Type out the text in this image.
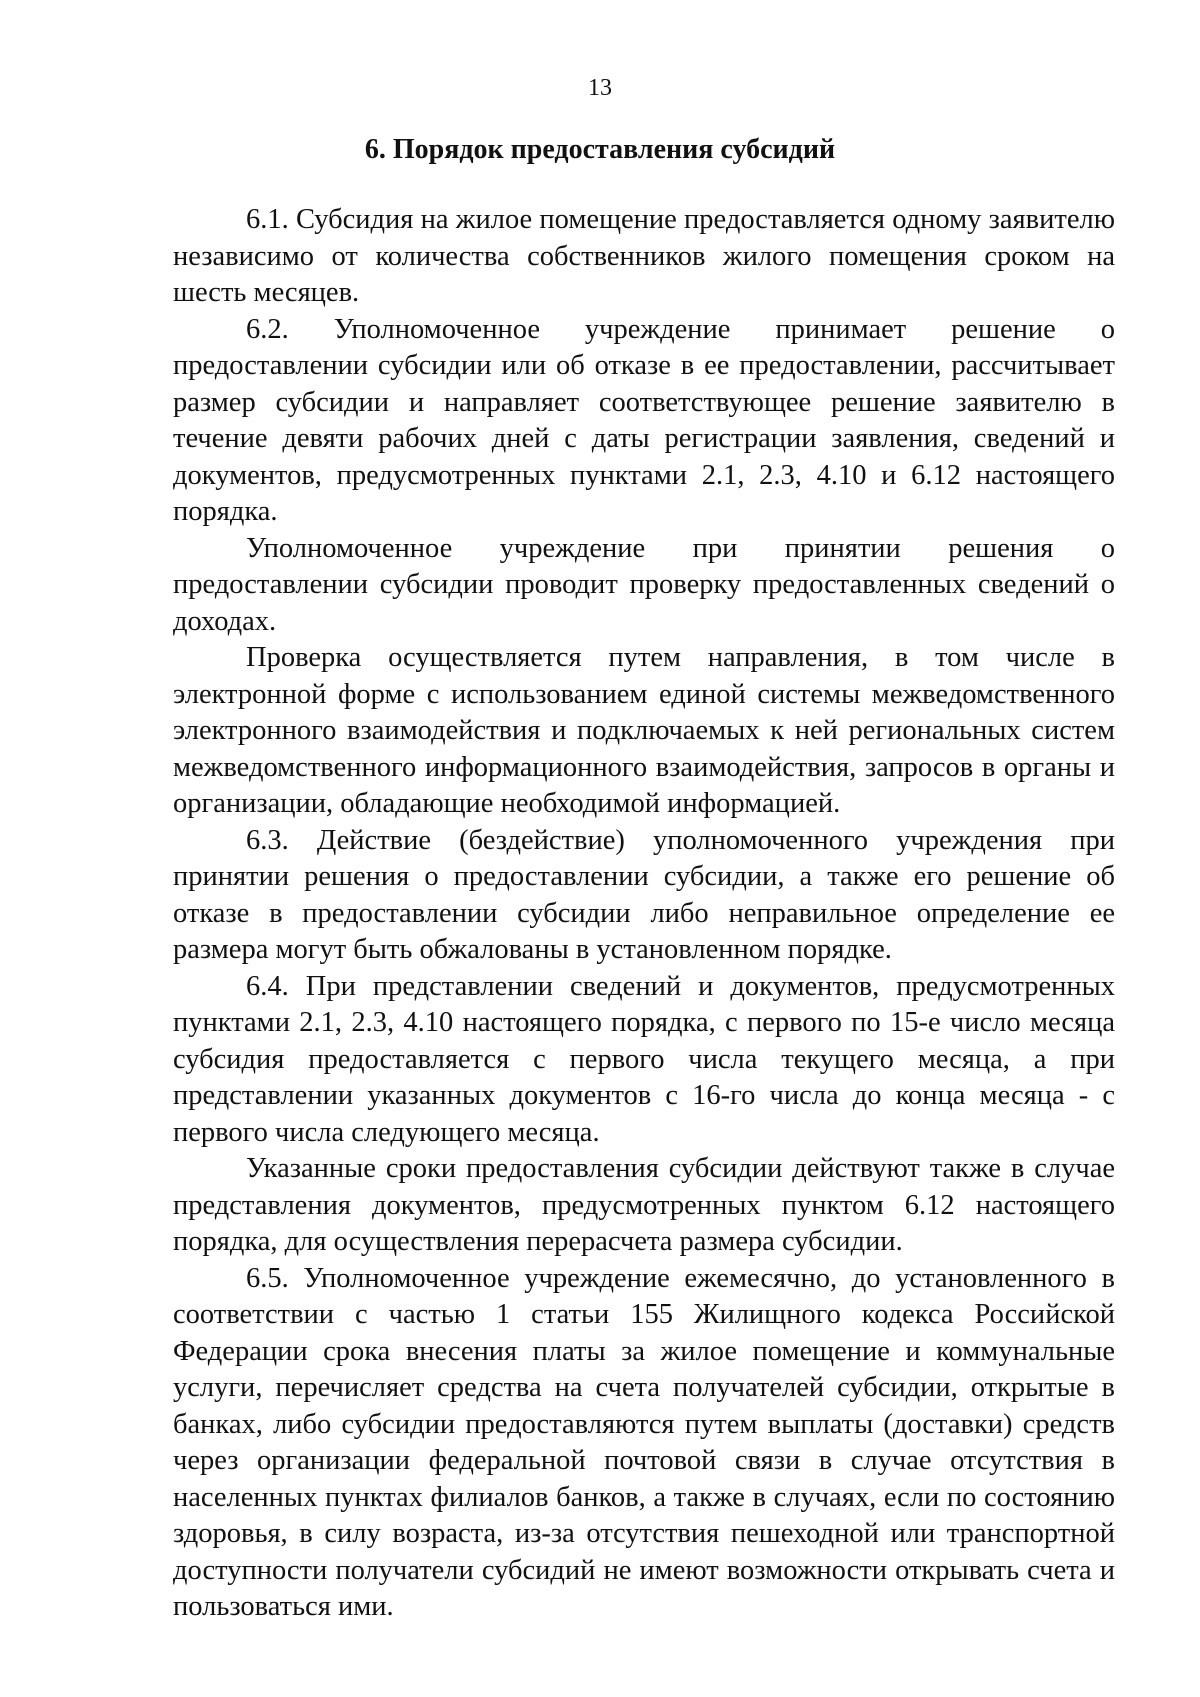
13
6. Порядок предоставления субсидий

6.1. Субсидия на жилое помещение предоставляется одному заявителю независимо от количества собственников жилого помещения сроком на шесть месяцев.

6.2. Уполномоченное учреждение принимает решение о предоставлении субсидии или об отказе в ее предоставлении, рассчитывает размер субсидии и направляет соответствующее решение заявителю в течение девяти рабочих дней с даты регистрации заявления, сведений и документов, предусмотренных пунктами 2.1, 2.3, 4.10 и 6.12 настоящего порядка.

Уполномоченное учреждение при принятии решения о предоставлении субсидии проводит проверку предоставленных сведений о доходах.

Проверка осуществляется путем направления, в том числе в электронной форме с использованием единой системы межведомственного электронного взаимодействия и подключаемых к ней региональных систем межведомственного информационного взаимодействия, запросов в органы и организации, обладающие необходимой информацией.

6.3. Действие (бездействие) уполномоченного учреждения при принятии решения о предоставлении субсидии, а также его решение об отказе в предоставлении субсидии либо неправильное определение ее размера могут быть обжалованы в установленном порядке.

6.4. При представлении сведений и документов, предусмотренных пунктами 2.1, 2.3, 4.10 настоящего порядка, с первого по 15-е число месяца субсидия предоставляется с первого числа текущего месяца, а при представлении указанных документов с 16-го числа до конца месяца - с первого числа следующего месяца.

Указанные сроки предоставления субсидии действуют также в случае представления документов, предусмотренных пунктом 6.12 настоящего порядка, для осуществления перерасчета размера субсидии.

6.5. Уполномоченное учреждение ежемесячно, до установленного в соответствии с частью 1 статьи 155 Жилищного кодекса Российской Федерации срока внесения платы за жилое помещение и коммунальные услуги, перечисляет средства на счета получателей субсидии, открытые в банках, либо субсидии предоставляются путем выплаты (доставки) средств через организации федеральной почтовой связи в случае отсутствия в населенных пунктах филиалов банков, а также в случаях, если по состоянию здоровья, в силу возраста, из-за отсутствия пешеходной или транспортной доступности получатели субсидий не имеют возможности открывать счета и пользоваться ими.
